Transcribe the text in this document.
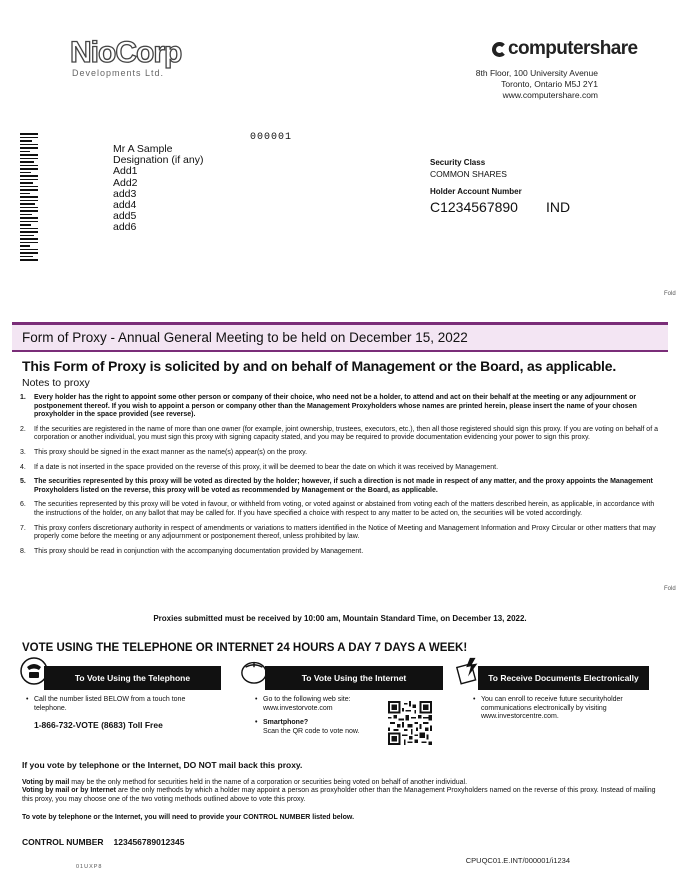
NioCorp
Developments Ltd.
computershare
8th Floor, 100 University Avenue
Toronto, Ontario M5J 2Y1
www.computershare.com
000001
Mr A Sample
Designation (if any)
Add1
Add2
add3
add4
add5
add6
Security Class
COMMON SHARES
Holder Account Number
C1234567890 IND
Fold
Fold
Form of Proxy - Annual General Meeting to be held on December 15, 2022
This Form of Proxy is solicited by and on behalf of Management or the Board, as applicable.
Notes to proxy
1. Every holder has the right to appoint some other person or company of their choice, who need not be a holder, to attend and act on their behalf at the meeting or any adjournment or postponement thereof. If you wish to appoint a person or company other than the Management Proxyholders whose names are printed herein, please insert the name of your chosen proxyholder in the space provided (see reverse).
2. If the securities are registered in the name of more than one owner (for example, joint ownership, trustees, executors, etc.), then all those registered should sign this proxy. If you are voting on behalf of a corporation or another individual, you must sign this proxy with signing capacity stated, and you may be required to provide documentation evidencing your power to sign this proxy.
3. This proxy should be signed in the exact manner as the name(s) appear(s) on the proxy.
4. If a date is not inserted in the space provided on the reverse of this proxy, it will be deemed to bear the date on which it was received by Management.
5. The securities represented by this proxy will be voted as directed by the holder; however, if such a direction is not made in respect of any matter, and the proxy appoints the Management Proxyholders listed on the reverse, this proxy will be voted as recommended by Management or the Board, as applicable.
6. The securities represented by this proxy will be voted in favour, or withheld from voting, or voted against or abstained from voting each of the matters described herein, as applicable, in accordance with the instructions of the holder, on any ballot that may be called for. If you have specified a choice with respect to any matter to be acted on, the securities will be voted accordingly.
7. This proxy confers discretionary authority in respect of amendments or variations to matters identified in the Notice of Meeting and Management Information and Proxy Circular or other matters that may properly come before the meeting or any adjournment or postponement thereof, unless prohibited by law.
8. This proxy should be read in conjunction with the accompanying documentation provided by Management.
Proxies submitted must be received by 10:00 am, Mountain Standard Time, on December 13, 2022.
VOTE USING THE TELEPHONE OR INTERNET 24 HOURS A DAY 7 DAYS A WEEK!
To Vote Using the Telephone
• Call the number listed BELOW from a touch tone telephone.
1-866-732-VOTE (8683) Toll Free
To Vote Using the Internet
• Go to the following web site:
www.investorvote.com
• Smartphone?
Scan the QR code to vote now.
To Receive Documents Electronically
• You can enroll to receive future securityholder communications electronically by visiting
www.investorcentre.com.
If you vote by telephone or the Internet, DO NOT mail back this proxy.
Voting by mail may be the only method for securities held in the name of a corporation or securities being voted on behalf of another individual.
Voting by mail or by Internet are the only methods by which a holder may appoint a person as proxyholder other than the Management Proxyholders named on the reverse of this proxy. Instead of mailing this proxy, you may choose one of the two voting methods outlined above to vote this proxy.
To vote by telephone or the Internet, you will need to provide your CONTROL NUMBER listed below.
CONTROL NUMBER 123456789012345
01UXP8
CPUQC01.E.INT/000001/i1234
